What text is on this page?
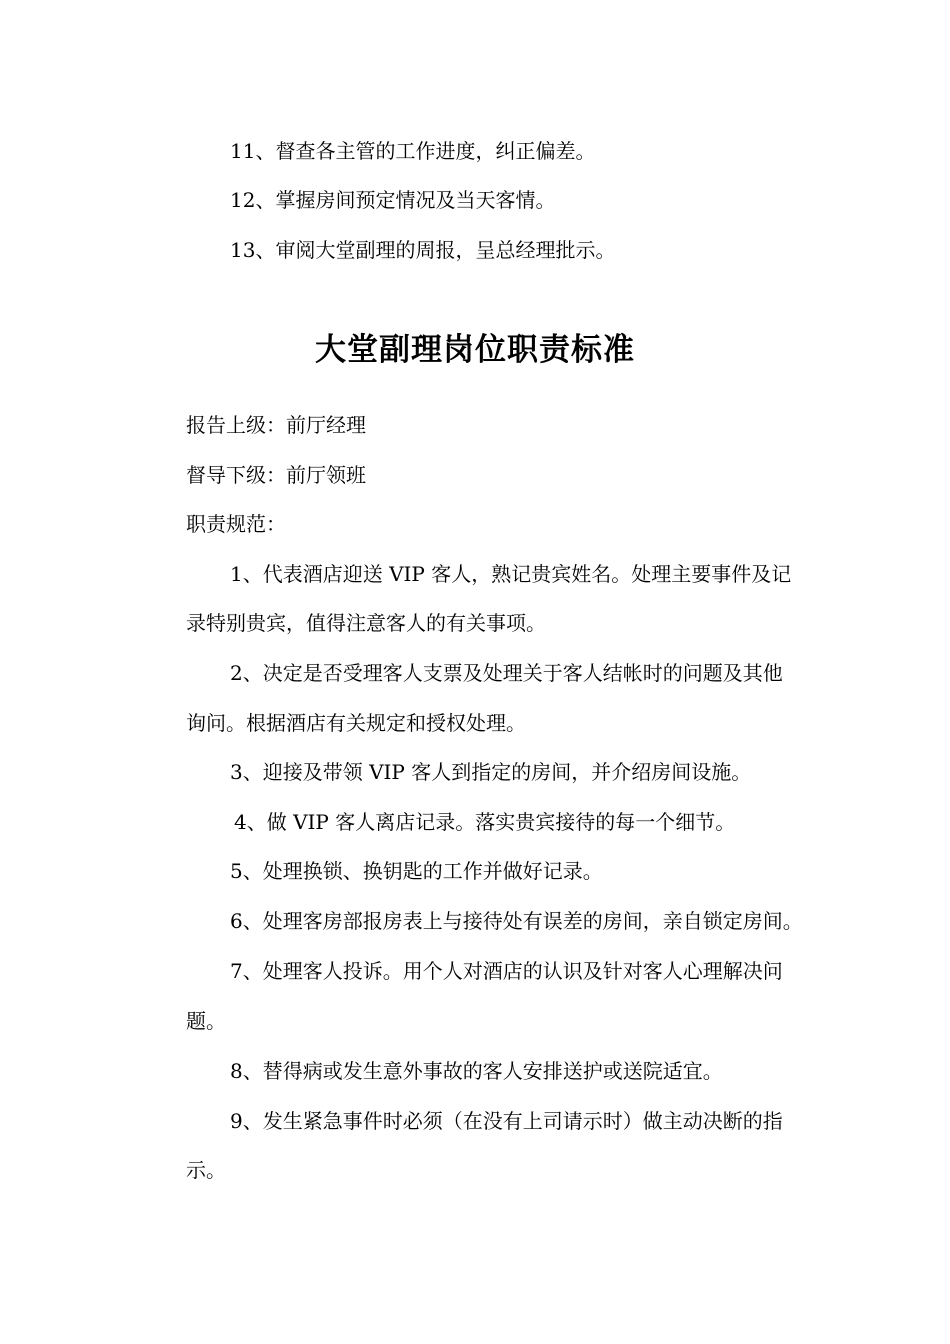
11、督查各主管的工作进度，纠正偏差。
12、掌握房间预定情况及当天客情。
13、审阅大堂副理的周报，呈总经理批示。
大堂副理岗位职责标准
报告上级：前厅经理
督导下级：前厅领班
职责规范：
1、代表酒店迎送 VIP 客人，熟记贵宾姓名。处理主要事件及记
录特别贵宾，值得注意客人的有关事项。
2、决定是否受理客人支票及处理关于客人结帐时的问题及其他
询问。根据酒店有关规定和授权处理。
3、迎接及带领 VIP 客人到指定的房间，并介绍房间设施。
4、做 VIP 客人离店记录。落实贵宾接待的每一个细节。
5、处理换锁、换钥匙的工作并做好记录。
6、处理客房部报房表上与接待处有误差的房间，亲自锁定房间。
7、处理客人投诉。用个人对酒店的认识及针对客人心理解决问
题。
8、替得病或发生意外事故的客人安排送护或送院适宜。
9、发生紧急事件时必须（在没有上司请示时）做主动决断的指
示。
